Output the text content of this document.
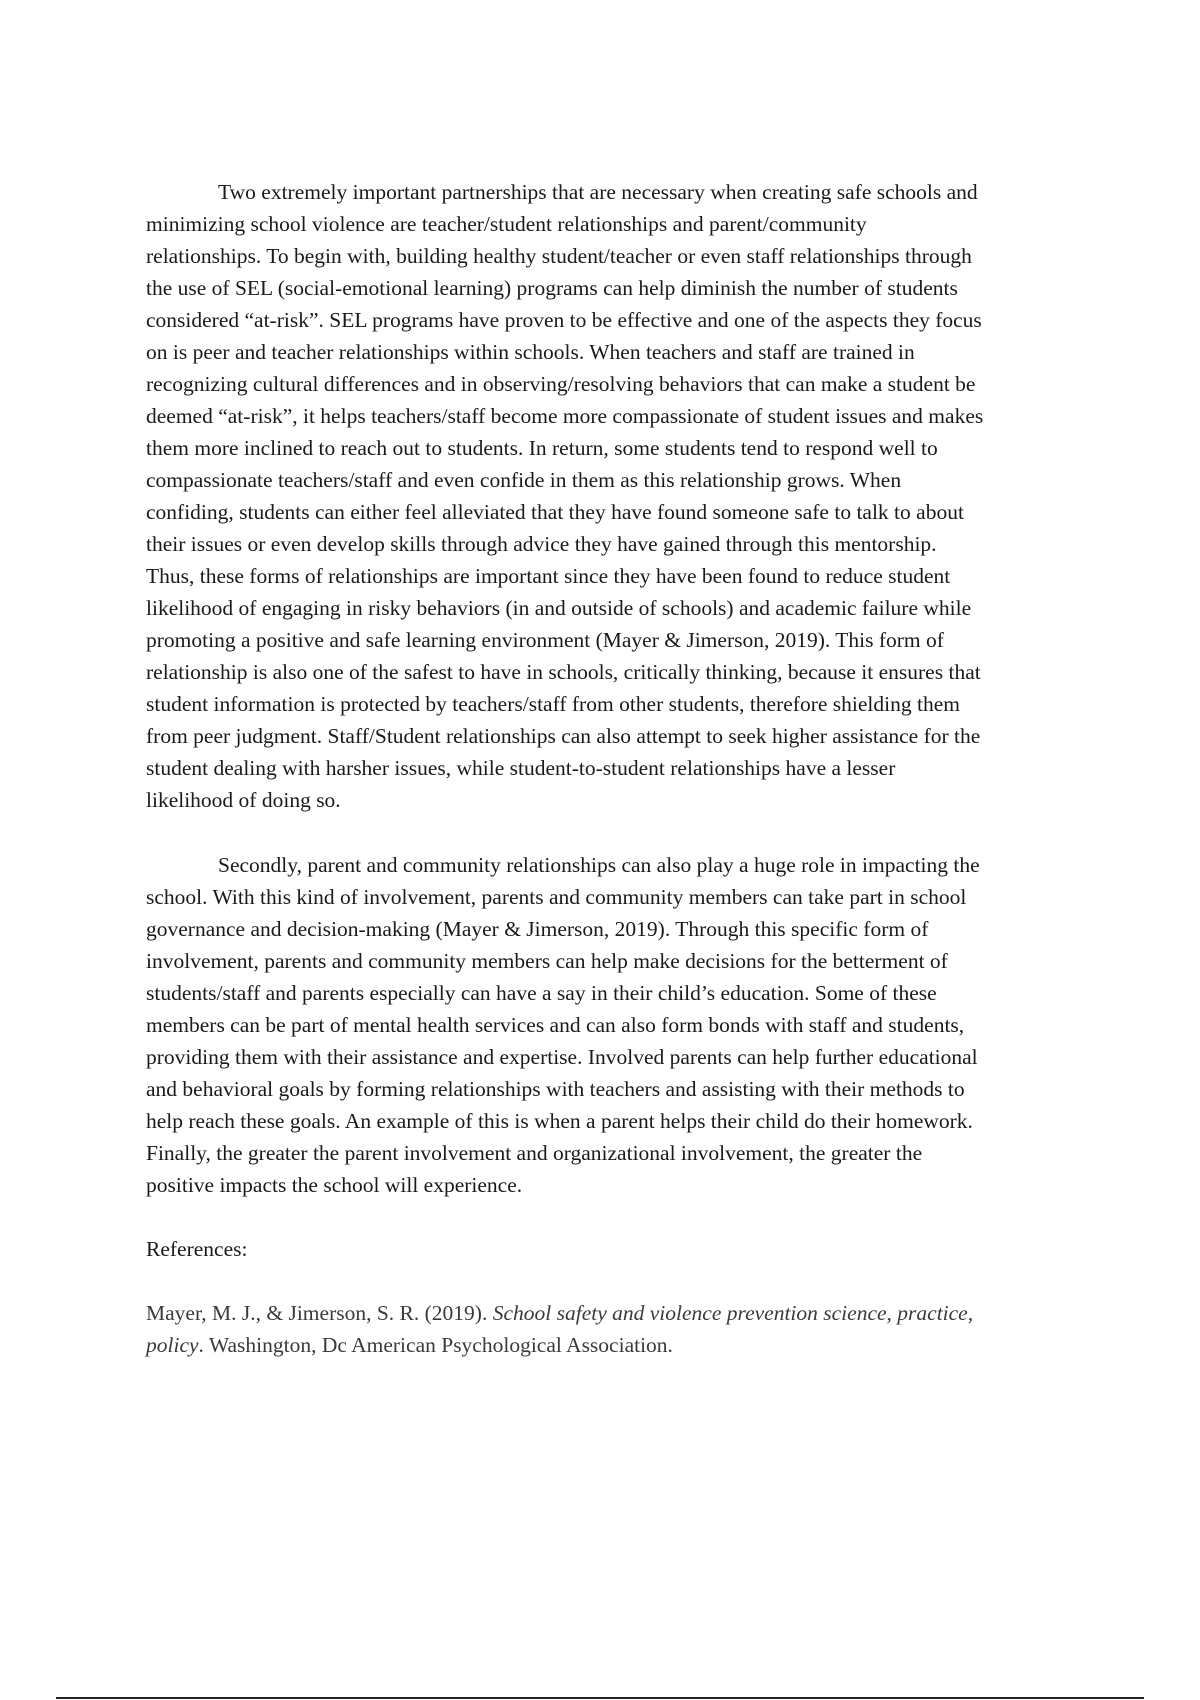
Two extremely important partnerships that are necessary when creating safe schools and
minimizing school violence are teacher/student relationships and parent/community
relationships. To begin with, building healthy student/teacher or even staff relationships through
the use of SEL (social-emotional learning) programs can help diminish the number of students
considered “at-risk”. SEL programs have proven to be effective and one of the aspects they focus
on is peer and teacher relationships within schools. When teachers and staff are trained in
recognizing cultural differences and in observing/resolving behaviors that can make a student be
deemed “at-risk”, it helps teachers/staff become more compassionate of student issues and makes
them more inclined to reach out to students. In return, some students tend to respond well to
compassionate teachers/staff and even confide in them as this relationship grows. When
confiding, students can either feel alleviated that they have found someone safe to talk to about
their issues or even develop skills through advice they have gained through this mentorship.
Thus, these forms of relationships are important since they have been found to reduce student
likelihood of engaging in risky behaviors (in and outside of schools) and academic failure while
promoting a positive and safe learning environment (Mayer & Jimerson, 2019). This form of
relationship is also one of the safest to have in schools, critically thinking, because it ensures that
student information is protected by teachers/staff from other students, therefore shielding them
from peer judgment. Staff/Student relationships can also attempt to seek higher assistance for the
student dealing with harsher issues, while student-to-student relationships have a lesser
likelihood of doing so.
Secondly, parent and community relationships can also play a huge role in impacting the
school. With this kind of involvement, parents and community members can take part in school
governance and decision-making (Mayer & Jimerson, 2019). Through this specific form of
involvement, parents and community members can help make decisions for the betterment of
students/staff and parents especially can have a say in their child’s education. Some of these
members can be part of mental health services and can also form bonds with staff and students,
providing them with their assistance and expertise. Involved parents can help further educational
and behavioral goals by forming relationships with teachers and assisting with their methods to
help reach these goals. An example of this is when a parent helps their child do their homework.
Finally, the greater the parent involvement and organizational involvement, the greater the
positive impacts the school will experience.
References:
Mayer, M. J., & Jimerson, S. R. (2019). School safety and violence prevention science, practice,
policy. Washington, Dc American Psychological Association.
